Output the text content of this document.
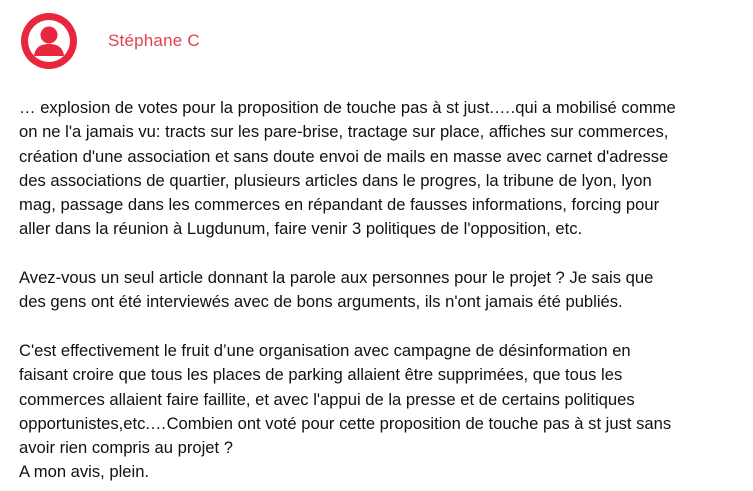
Stéphane C

… explosion de votes pour la proposition de touche pas à st just.….qui a mobilisé comme
on ne l'a jamais vu: tracts sur les pare-brise, tractage sur place, affiches sur commerces,
création d'une association et sans doute envoi de mails en masse avec carnet d'adresse
des associations de quartier, plusieurs articles dans le progres, la tribune de lyon, lyon
mag, passage dans les commerces en répandant de fausses informations, forcing pour
aller dans la réunion à Lugdunum, faire venir 3 politiques de l'opposition, etc.

Avez-vous un seul article donnant la parole aux personnes pour le projet ? Je sais que
des gens ont été interviewés avec de bons arguments, ils n'ont jamais été publiés.

C'est effectivement le fruit d’une organisation avec campagne de désinformation en
faisant croire que tous les places de parking allaient être supprimées, que tous les
commerces allaient faire faillite, et avec l'appui de la presse et de certains politiques
opportunistes,etc.…Combien ont voté pour cette proposition de touche pas à st just sans
avoir rien compris au projet ?
A mon avis, plein.
